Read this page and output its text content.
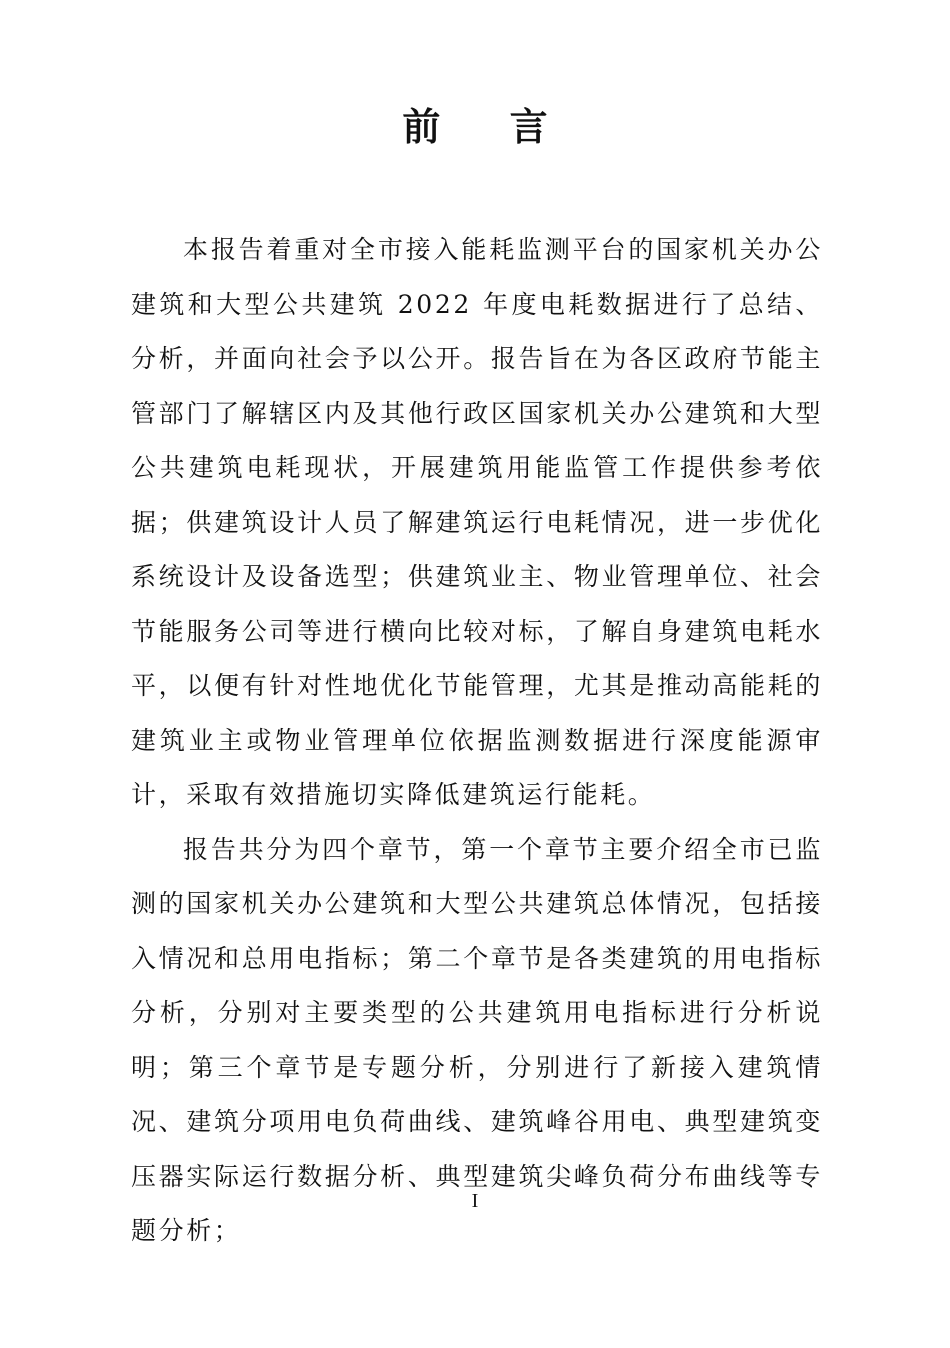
前 言

本报告着重对全市接入能耗监测平台的国家机关办公建筑和大型公共建筑 2022 年度电耗数据进行了总结、分析，并面向社会予以公开。报告旨在为各区政府节能主管部门了解辖区内及其他行政区国家机关办公建筑和大型公共建筑电耗现状，开展建筑用能监管工作提供参考依据；供建筑设计人员了解建筑运行电耗情况，进一步优化系统设计及设备选型；供建筑业主、物业管理单位、社会节能服务公司等进行横向比较对标，了解自身建筑电耗水平，以便有针对性地优化节能管理，尤其是推动高能耗的建筑业主或物业管理单位依据监测数据进行深度能源审计，采取有效措施切实降低建筑运行能耗。

报告共分为四个章节，第一个章节主要介绍全市已监测的国家机关办公建筑和大型公共建筑总体情况，包括接入情况和总用电指标；第二个章节是各类建筑的用电指标分析，分别对主要类型的公共建筑用电指标进行分析说明；第三个章节是专题分析，分别进行了新接入建筑情况、建筑分项用电负荷曲线、建筑峰谷用电、典型建筑变压器实际运行数据分析、典型建筑尖峰负荷分布曲线等专题分析；

I
